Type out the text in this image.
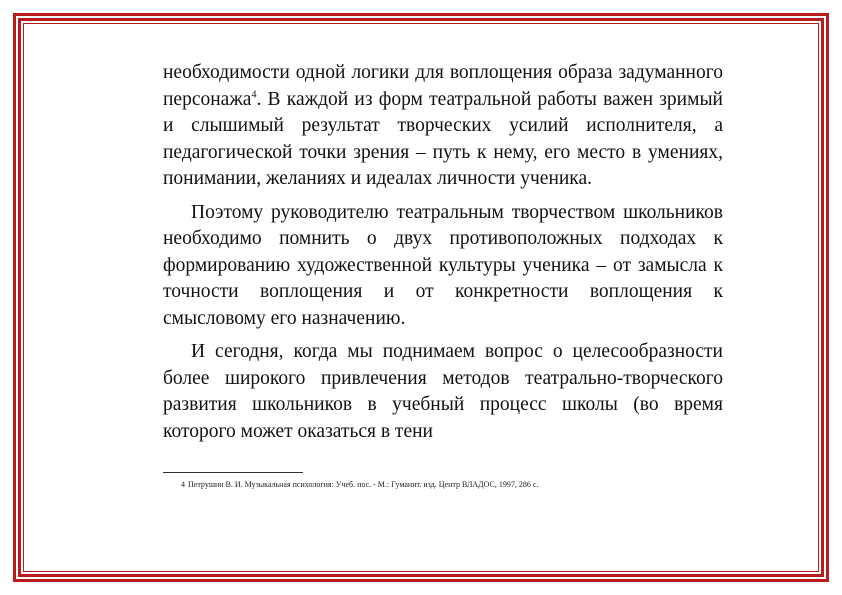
необходимости одной логики для воплощения образа задуманного персонажа$^4$. В каждой из форм театральной работы важен зримый и слышимый результат творческих усилий исполнителя, а педагогической точки зрения – путь к нему, его место в умениях, понимании, желаниях и идеалах личности ученика.

Поэтому руководителю театральным творчеством школьников необходимо помнить о двух противоположных подходах к формированию художественной культуры ученика – от замысла к точности воплощения и от конкретности воплощения к смысловому его назначению.

И сегодня, когда мы поднимаем вопрос о целесообразности более широкого привлечения методов театрально-творческого развития школьников в учебный процесс школы (во время которого может оказаться в тени

4 Петрушин В. И. Музыкальная психология: Учеб. пос. - М.: Гуманит. изд. Центр ВЛАДОС, 1997, 286 с.
